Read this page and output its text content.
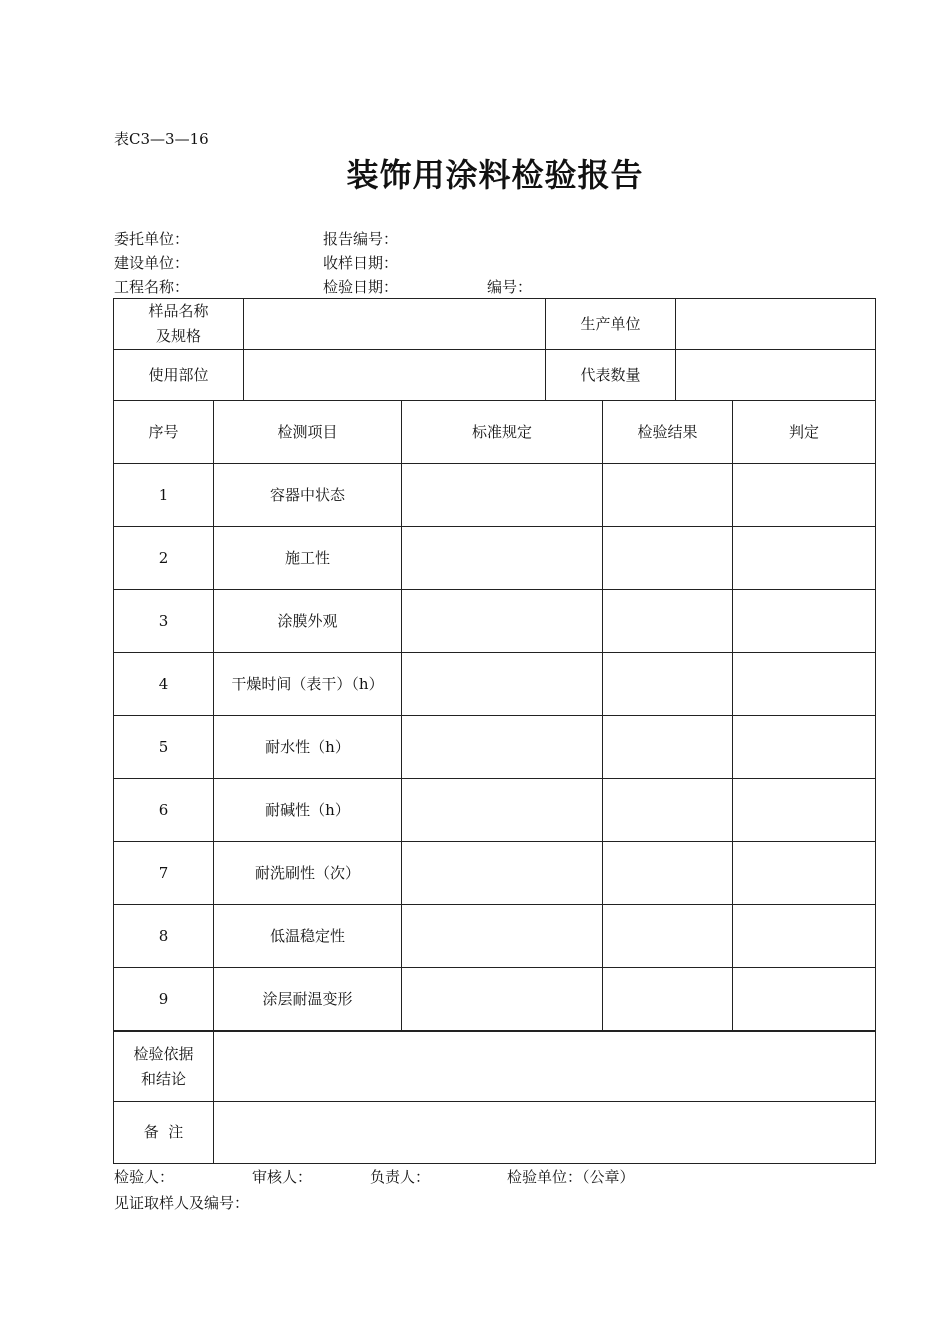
表C3—3—16
装饰用涂料检验报告
委托单位：	报告编号：
建设单位：	收样日期：
工程名称：	检验日期：	编号：
样品名称
及规格		生产单位	
使用部位		代表数量	
序号	检测项目	标准规定	检验结果	判定
1	容器中状态			
2	施工性			
3	涂膜外观			
4	干燥时间（表干）（h）			
5	耐水性（h）			
6	耐碱性（h）			
7	耐洗刷性（次）			
8	低温稳定性			
9	涂层耐温变形			
检验依据
和结论	

备  注	
检验人：	审核人：	负责人：	检验单位：（公章）
见证取样人及编号：
